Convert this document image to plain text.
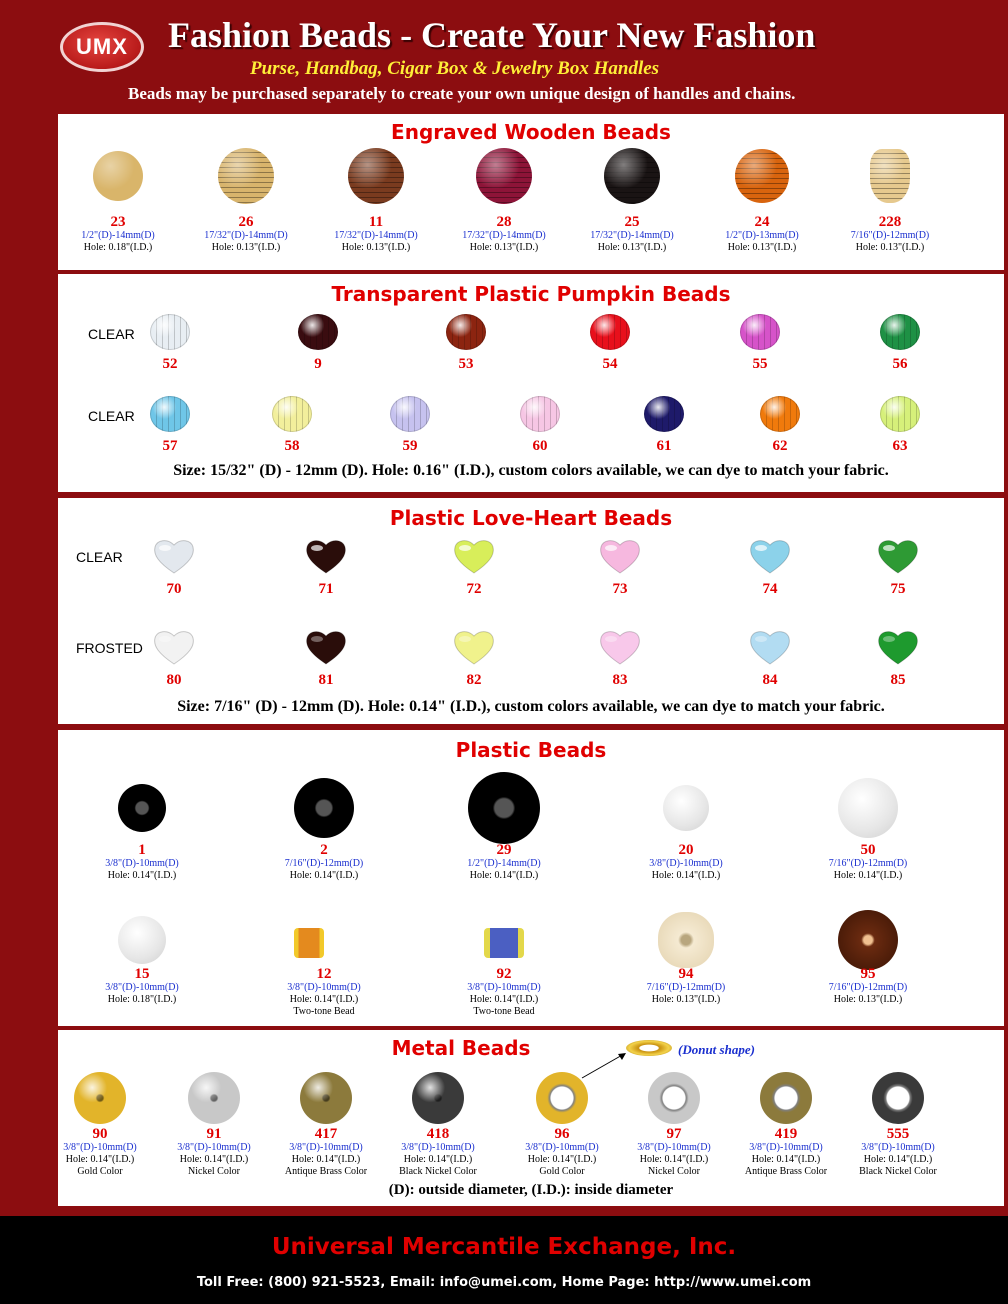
UMX	Fashion Beads - Create Your New Fashion
Purse, Handbag, Cigar Box & Jewelry Box Handles
Beads may be purchased separately to create your own unique design of handles and chains.
Engraved Wooden Beads
23
1/2"(D)-14mm(D)
Hole: 0.18"(I.D.)
26
17/32"(D)-14mm(D)
Hole: 0.13"(I.D.)
11
17/32"(D)-14mm(D)
Hole: 0.13"(I.D.)
28
17/32"(D)-14mm(D)
Hole: 0.13"(I.D.)
25
17/32"(D)-14mm(D)
Hole: 0.13"(I.D.)
24
1/2"(D)-13mm(D)
Hole: 0.13"(I.D.)
228
7/16"(D)-12mm(D)
Hole: 0.13"(I.D.)
Transparent Plastic Pumpkin Beads
CLEAR
CLEAR
Size: 15/32" (D) - 12mm (D). Hole: 0.16" (I.D.), custom colors available, we can dye to match your fabric.
52	9	53	54	55	56
57	58	59	60	61	62	63
Plastic Love-Heart Beads
CLEAR
FROSTED
Size: 7/16" (D) - 12mm (D). Hole: 0.14" (I.D.), custom colors available, we can dye to match your fabric.
70	71	72	73	74	75
80	81	82	83	84	85
Plastic Beads
1
3/8"(D)-10mm(D)
Hole: 0.14"(I.D.)
2
7/16"(D)-12mm(D)
Hole: 0.14"(I.D.)
29
1/2"(D)-14mm(D)
Hole: 0.14"(I.D.)
20
3/8"(D)-10mm(D)
Hole: 0.14"(I.D.)
50
7/16"(D)-12mm(D)
Hole: 0.14"(I.D.)
15
3/8"(D)-10mm(D)
Hole: 0.18"(I.D.)
12
3/8"(D)-10mm(D)
Hole: 0.14"(I.D.)
Two-tone Bead
92
3/8"(D)-10mm(D)
Hole: 0.14"(I.D.)
Two-tone Bead
94
7/16"(D)-12mm(D)
Hole: 0.13"(I.D.)
95
7/16"(D)-12mm(D)
Hole: 0.13"(I.D.)
Metal Beads	(Donut shape)
(D): outside diameter, (I.D.): inside diameter
90
3/8"(D)-10mm(D)
Hole: 0.14"(I.D.)
Gold Color
91
3/8"(D)-10mm(D)
Hole: 0.14"(I.D.)
Nickel Color
417
3/8"(D)-10mm(D)
Hole: 0.14"(I.D.)
Antique Brass Color
418
3/8"(D)-10mm(D)
Hole: 0.14"(I.D.)
Black Nickel Color
96
3/8"(D)-10mm(D)
Hole: 0.14"(I.D.)
Gold Color
97
3/8"(D)-10mm(D)
Hole: 0.14"(I.D.)
Nickel Color
419
3/8"(D)-10mm(D)
Hole: 0.14"(I.D.)
Antique Brass Color
555
3/8"(D)-10mm(D)
Hole: 0.14"(I.D.)
Black Nickel Color
Universal Mercantile Exchange, Inc.
Toll Free: (800) 921-5523, Email: info@umei.com, Home Page: http://www.umei.com
